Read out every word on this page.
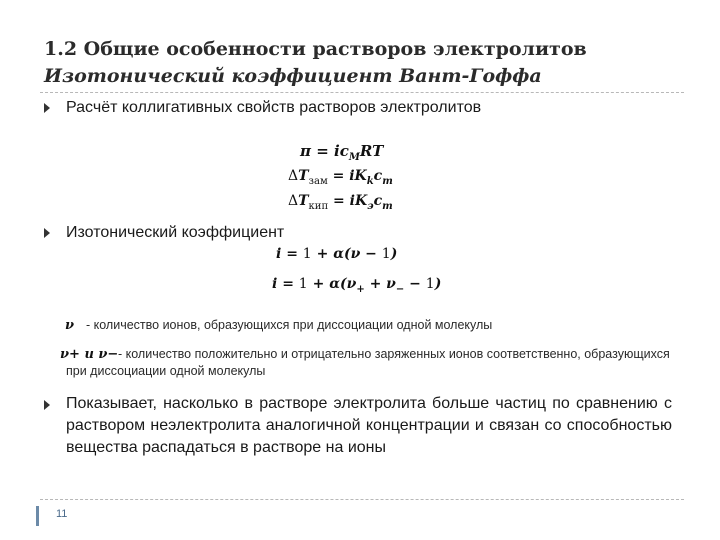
1.2 Общие особенности растворов электролитов
Изотонический коэффициент Вант-Гоффа
Расчёт коллигативных свойств растворов электролитов
$\pi = ic_MRT$
$\Delta T_{зам} = iK_kc_m$
$\Delta T_{кип} = iK_эc_m$
Изотонический коэффициент
i = 1 + α(ν − 1)
$i = 1 + \alpha(\nu_+ + \nu_- - 1)$
ν - количество ионов, образующихся при диссоциации одной молекулы
ν+ и ν− - количество положительно и отрицательно заряженных ионов соответственно, образующихся при диссоциации одной молекулы
Показывает, насколько в растворе электролита больше частиц по сравнению с раствором неэлектролита аналогичной концентрации и связан со способностью вещества распадаться в растворе на ионы
11
